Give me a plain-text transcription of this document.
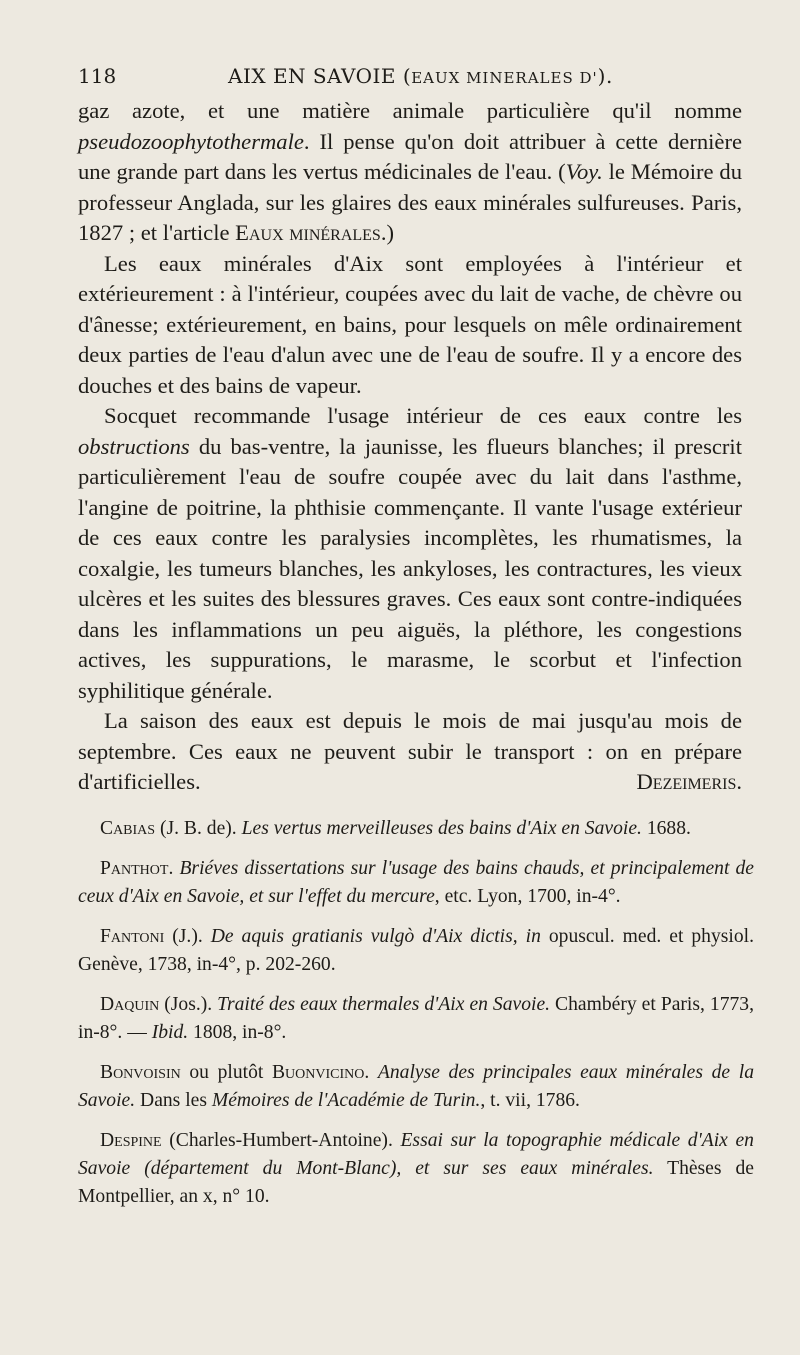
118	AIX EN SAVOIE (EAUX MINERALES D').

gaz azote, et une matière animale particulière qu'il nomme pseudozoophytothermale. Il pense qu'on doit attribuer à cette dernière une grande part dans les vertus médicinales de l'eau. (Voy. le Mémoire du professeur Anglada, sur les glaires des eaux minérales sulfureuses. Paris, 1827 ; et l'article Eaux minérales.)

Les eaux minérales d'Aix sont employées à l'intérieur et extérieurement : à l'intérieur, coupées avec du lait de vache, de chèvre ou d'ânesse; extérieurement, en bains, pour lesquels on mêle ordinairement deux parties de l'eau d'alun avec une de l'eau de soufre. Il y a encore des douches et des bains de vapeur.

Socquet recommande l'usage intérieur de ces eaux contre les obstructions du bas-ventre, la jaunisse, les flueurs blanches; il prescrit particulièrement l'eau de soufre coupée avec du lait dans l'asthme, l'angine de poitrine, la phthisie commençante. Il vante l'usage extérieur de ces eaux contre les paralysies incomplètes, les rhumatismes, la coxalgie, les tumeurs blanches, les ankyloses, les contractures, les vieux ulcères et les suites des blessures graves. Ces eaux sont contre-indiquées dans les inflammations un peu aiguës, la pléthore, les congestions actives, les suppurations, le marasme, le scorbut et l'infection syphilitique générale.

La saison des eaux est depuis le mois de mai jusqu'au mois de septembre. Ces eaux ne peuvent subir le transport : on en prépare d'artificielles.	Dezeimeris.

Cabias (J. B. de). Les vertus merveilleuses des bains d'Aix en Savoie. 1688.

Panthot. Briéves dissertations sur l'usage des bains chauds, et principalement de ceux d'Aix en Savoie, et sur l'effet du mercure, etc. Lyon, 1700, in-4°.

Fantoni (J.). De aquis gratianis vulgò d'Aix dictis, in opuscul. med. et physiol. Genève, 1738, in-4°, p. 202-260.

Daquin (Jos.). Traité des eaux thermales d'Aix en Savoie. Chambéry et Paris, 1773, in-8°. — Ibid. 1808, in-8°.

Bonvoisin ou plutôt Buonvicino. Analyse des principales eaux minérales de la Savoie. Dans les Mémoires de l'Académie de Turin., t. vii, 1786.

Despine (Charles-Humbert-Antoine). Essai sur la topographie médicale d'Aix en Savoie (département du Mont-Blanc), et sur ses eaux minérales. Thèses de Montpellier, an x, n° 10.
